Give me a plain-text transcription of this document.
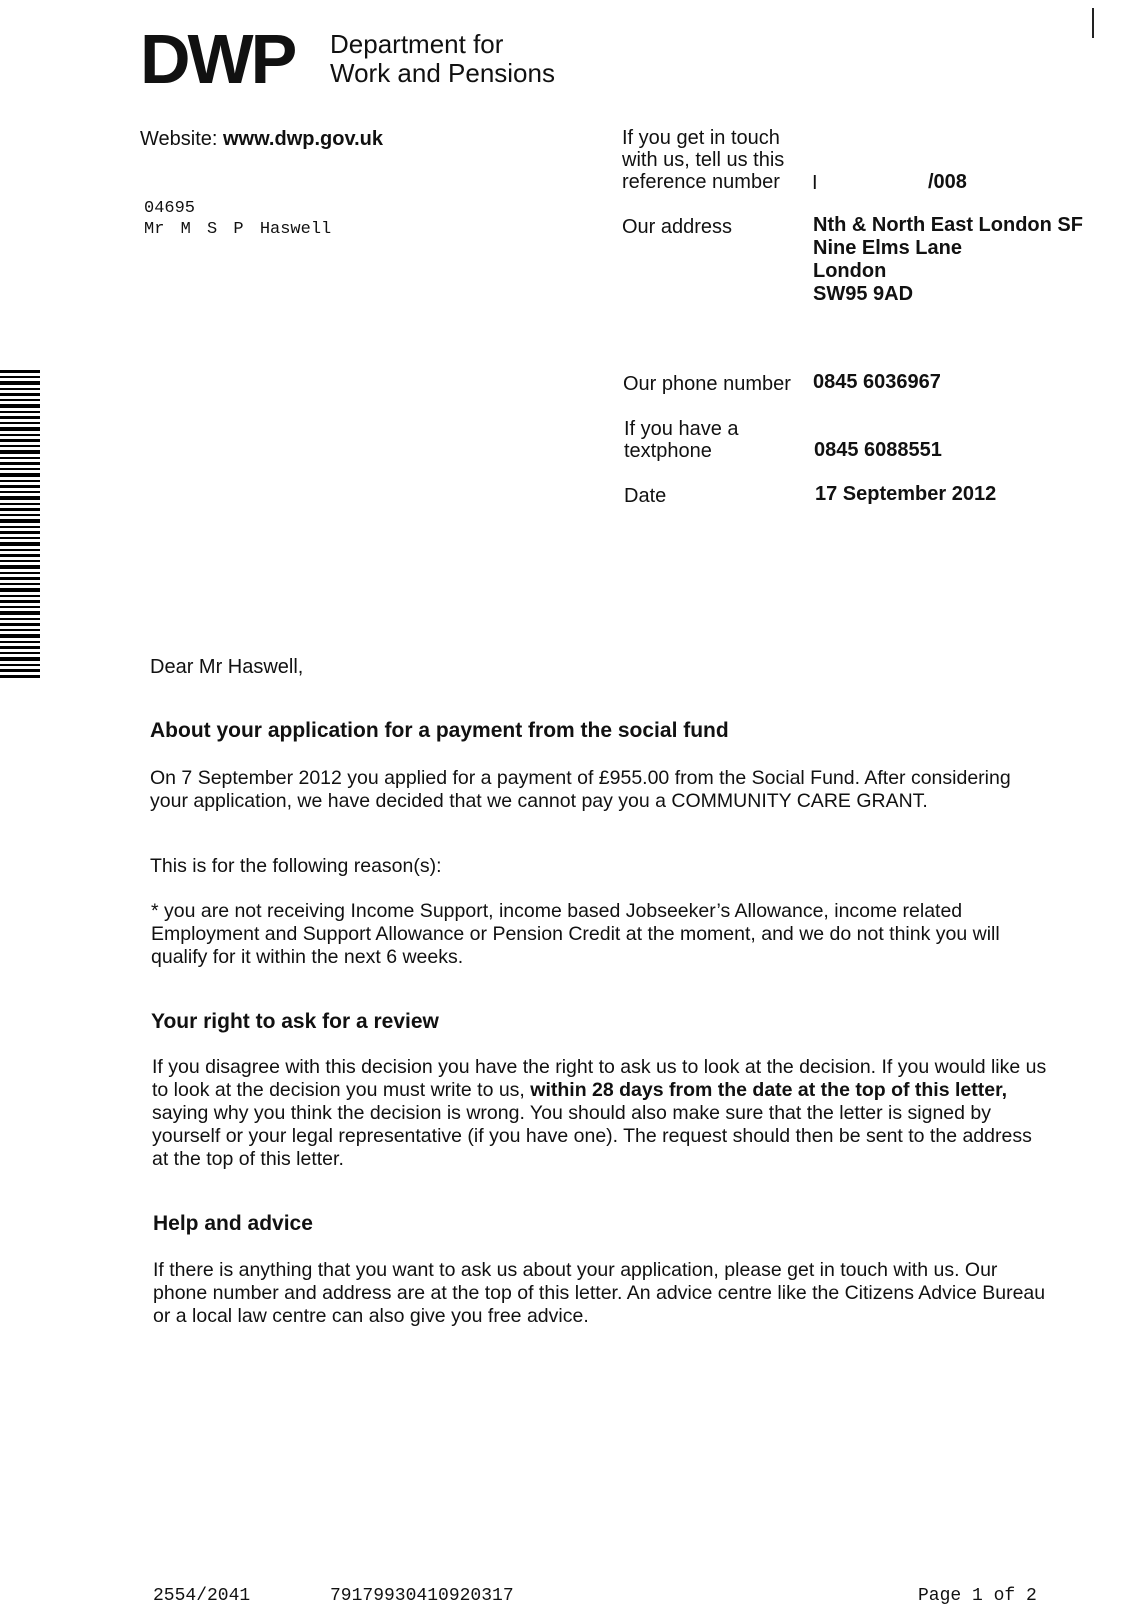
DWP Department for
Work and Pensions
Website: www.dwp.gov.uk
04695
Mr M S P Haswell
If you get in touch
with us, tell us this
reference number I	/008
Our address	Nth & North East London SF
Nine Elms Lane
London
SW95 9AD
Our phone number 0845 6036967
If you have a
textphone	0845 6088551
Date	17 September 2012
Dear Mr Haswell,
About your application for a payment from the social fund
On 7 September 2012 you applied for a payment of £955.00 from the Social Fund. After considering your application, we have decided that we cannot pay you a COMMUNITY CARE GRANT.
This is for the following reason(s):
* you are not receiving Income Support, income based Jobseeker’s Allowance, income related Employment and Support Allowance or Pension Credit at the moment, and we do not think you will qualify for it within the next 6 weeks.
Your right to ask for a review
If you disagree with this decision you have the right to ask us to look at the decision. If you would like us to look at the decision you must write to us, within 28 days from the date at the top of this letter, saying why you think the decision is wrong. You should also make sure that the letter is signed by yourself or your legal representative (if you have one). The request should then be sent to the address at the top of this letter.
Help and advice
If there is anything that you want to ask us about your application, please get in touch with us. Our phone number and address are at the top of this letter. An advice centre like the Citizens Advice Bureau or a local law centre can also give you free advice.
2554/2041	79179930410920317	Page 1 of 2
